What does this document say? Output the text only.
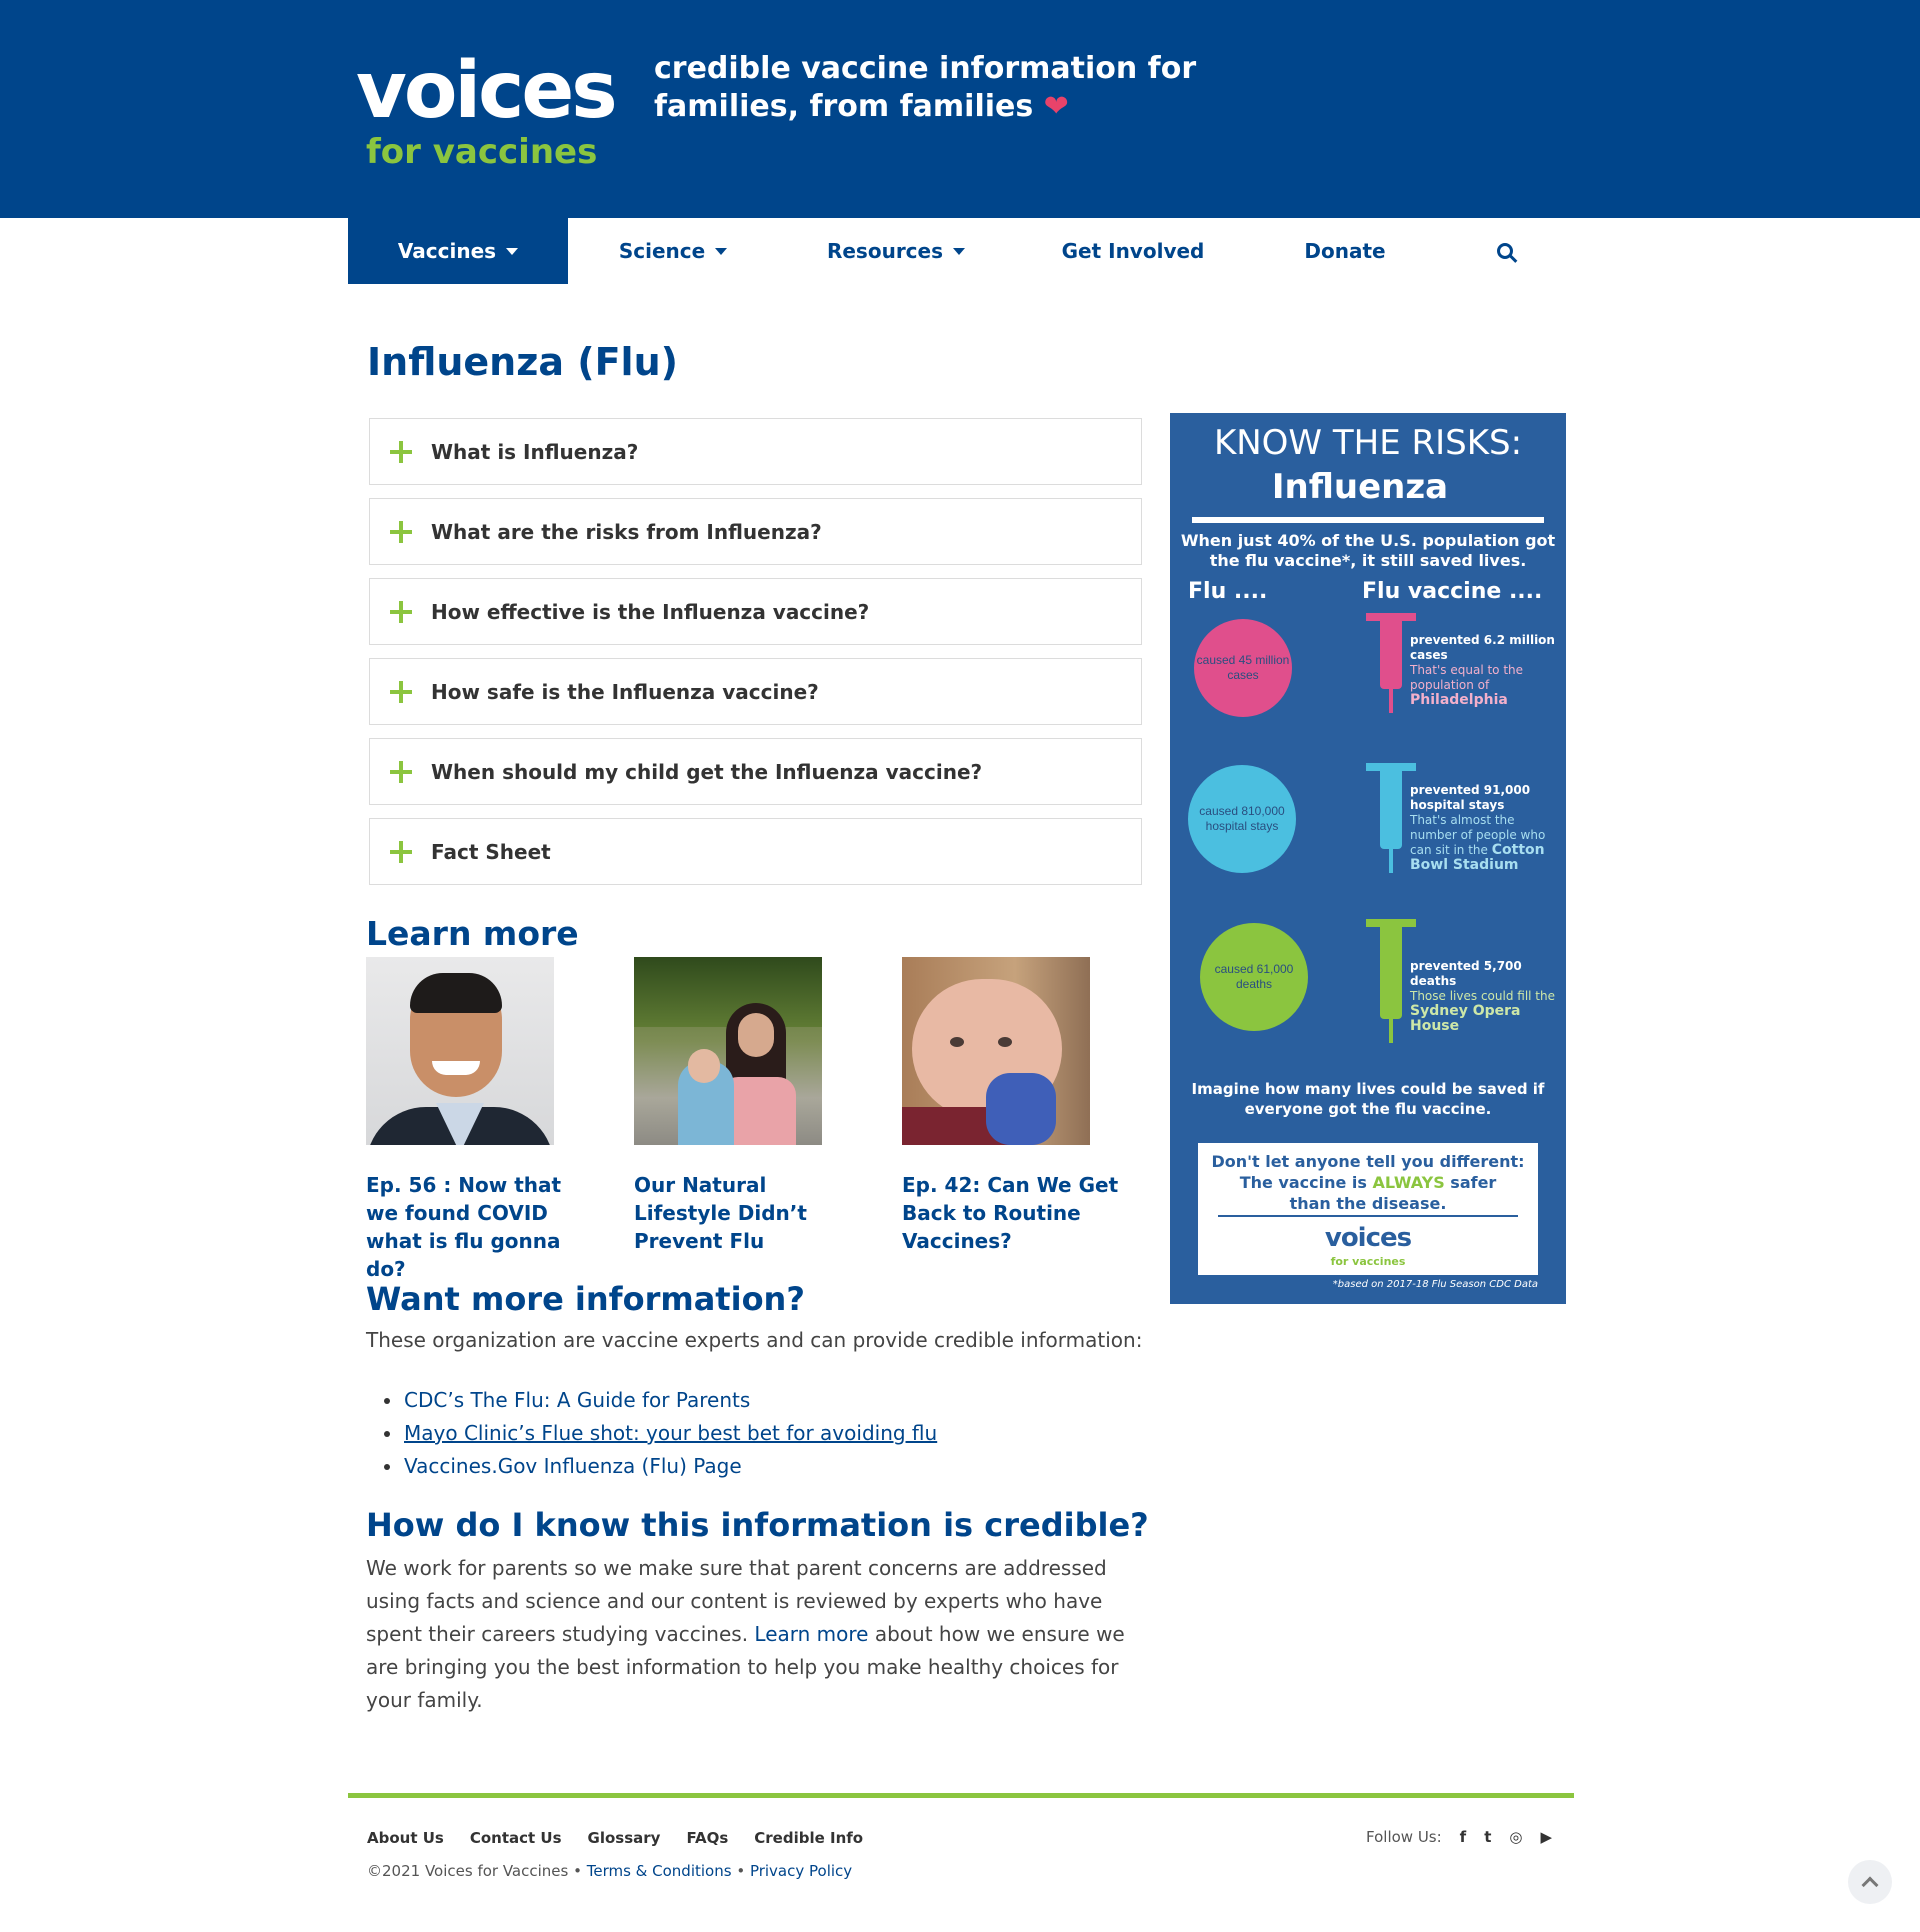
voices
for vaccines
credible vaccine information for
families, from families ❤
Vaccines	Science	Resources	Get Involved	Donate
Influenza (Flu)
What is Influenza?
What are the risks from Influenza?
How effective is the Influenza vaccine?
How safe is the Influenza vaccine?
When should my child get the Influenza vaccine?
Fact Sheet
Learn more
Ep. 56 : Now that we found COVID what is flu gonna do?
Our Natural Lifestyle Didn’t Prevent Flu
Ep. 42: Can We Get Back to Routine Vaccines?
Want more information?

These organization are vaccine experts and can provide credible information:

CDC’s The Flu: A Guide for Parents
Mayo Clinic’s Flue shot: your best bet for avoiding flu
Vaccines.Gov Influenza (Flu) Page
How do I know this information is credible?

We work for parents so we make sure that parent concerns are addressed using facts and science and our content is reviewed by experts who have spent their careers studying vaccines. Learn more about how we ensure we are bringing you the best information to help you make healthy choices for your family.

KNOW THE RISKS:
Influenza
When just 40% of the U.S. population got the flu vaccine*, it still saved lives.
Flu ....	Flu vaccine ....
caused 45 million cases
prevented 6.2 million cases
That's equal to the population of Philadelphia
caused 810,000 hospital stays
prevented 91,000 hospital stays
That's almost the number of people who can sit in the Cotton Bowl Stadium
caused 61,000 deaths
prevented 5,700 deaths
Those lives could fill the Sydney Opera House
Imagine how many lives could be saved if everyone got the flu vaccine.
Don't let anyone tell you different:
The vaccine is ALWAYS safer
than the disease.
voices
for vaccines
*based on 2017-18 Flu Season CDC Data
About Us Contact Us Glossary FAQs Credible Info
©2021 Voices for Vaccines • Terms & Conditions • Privacy Policy
Follow Us: f t ◎ ▶
